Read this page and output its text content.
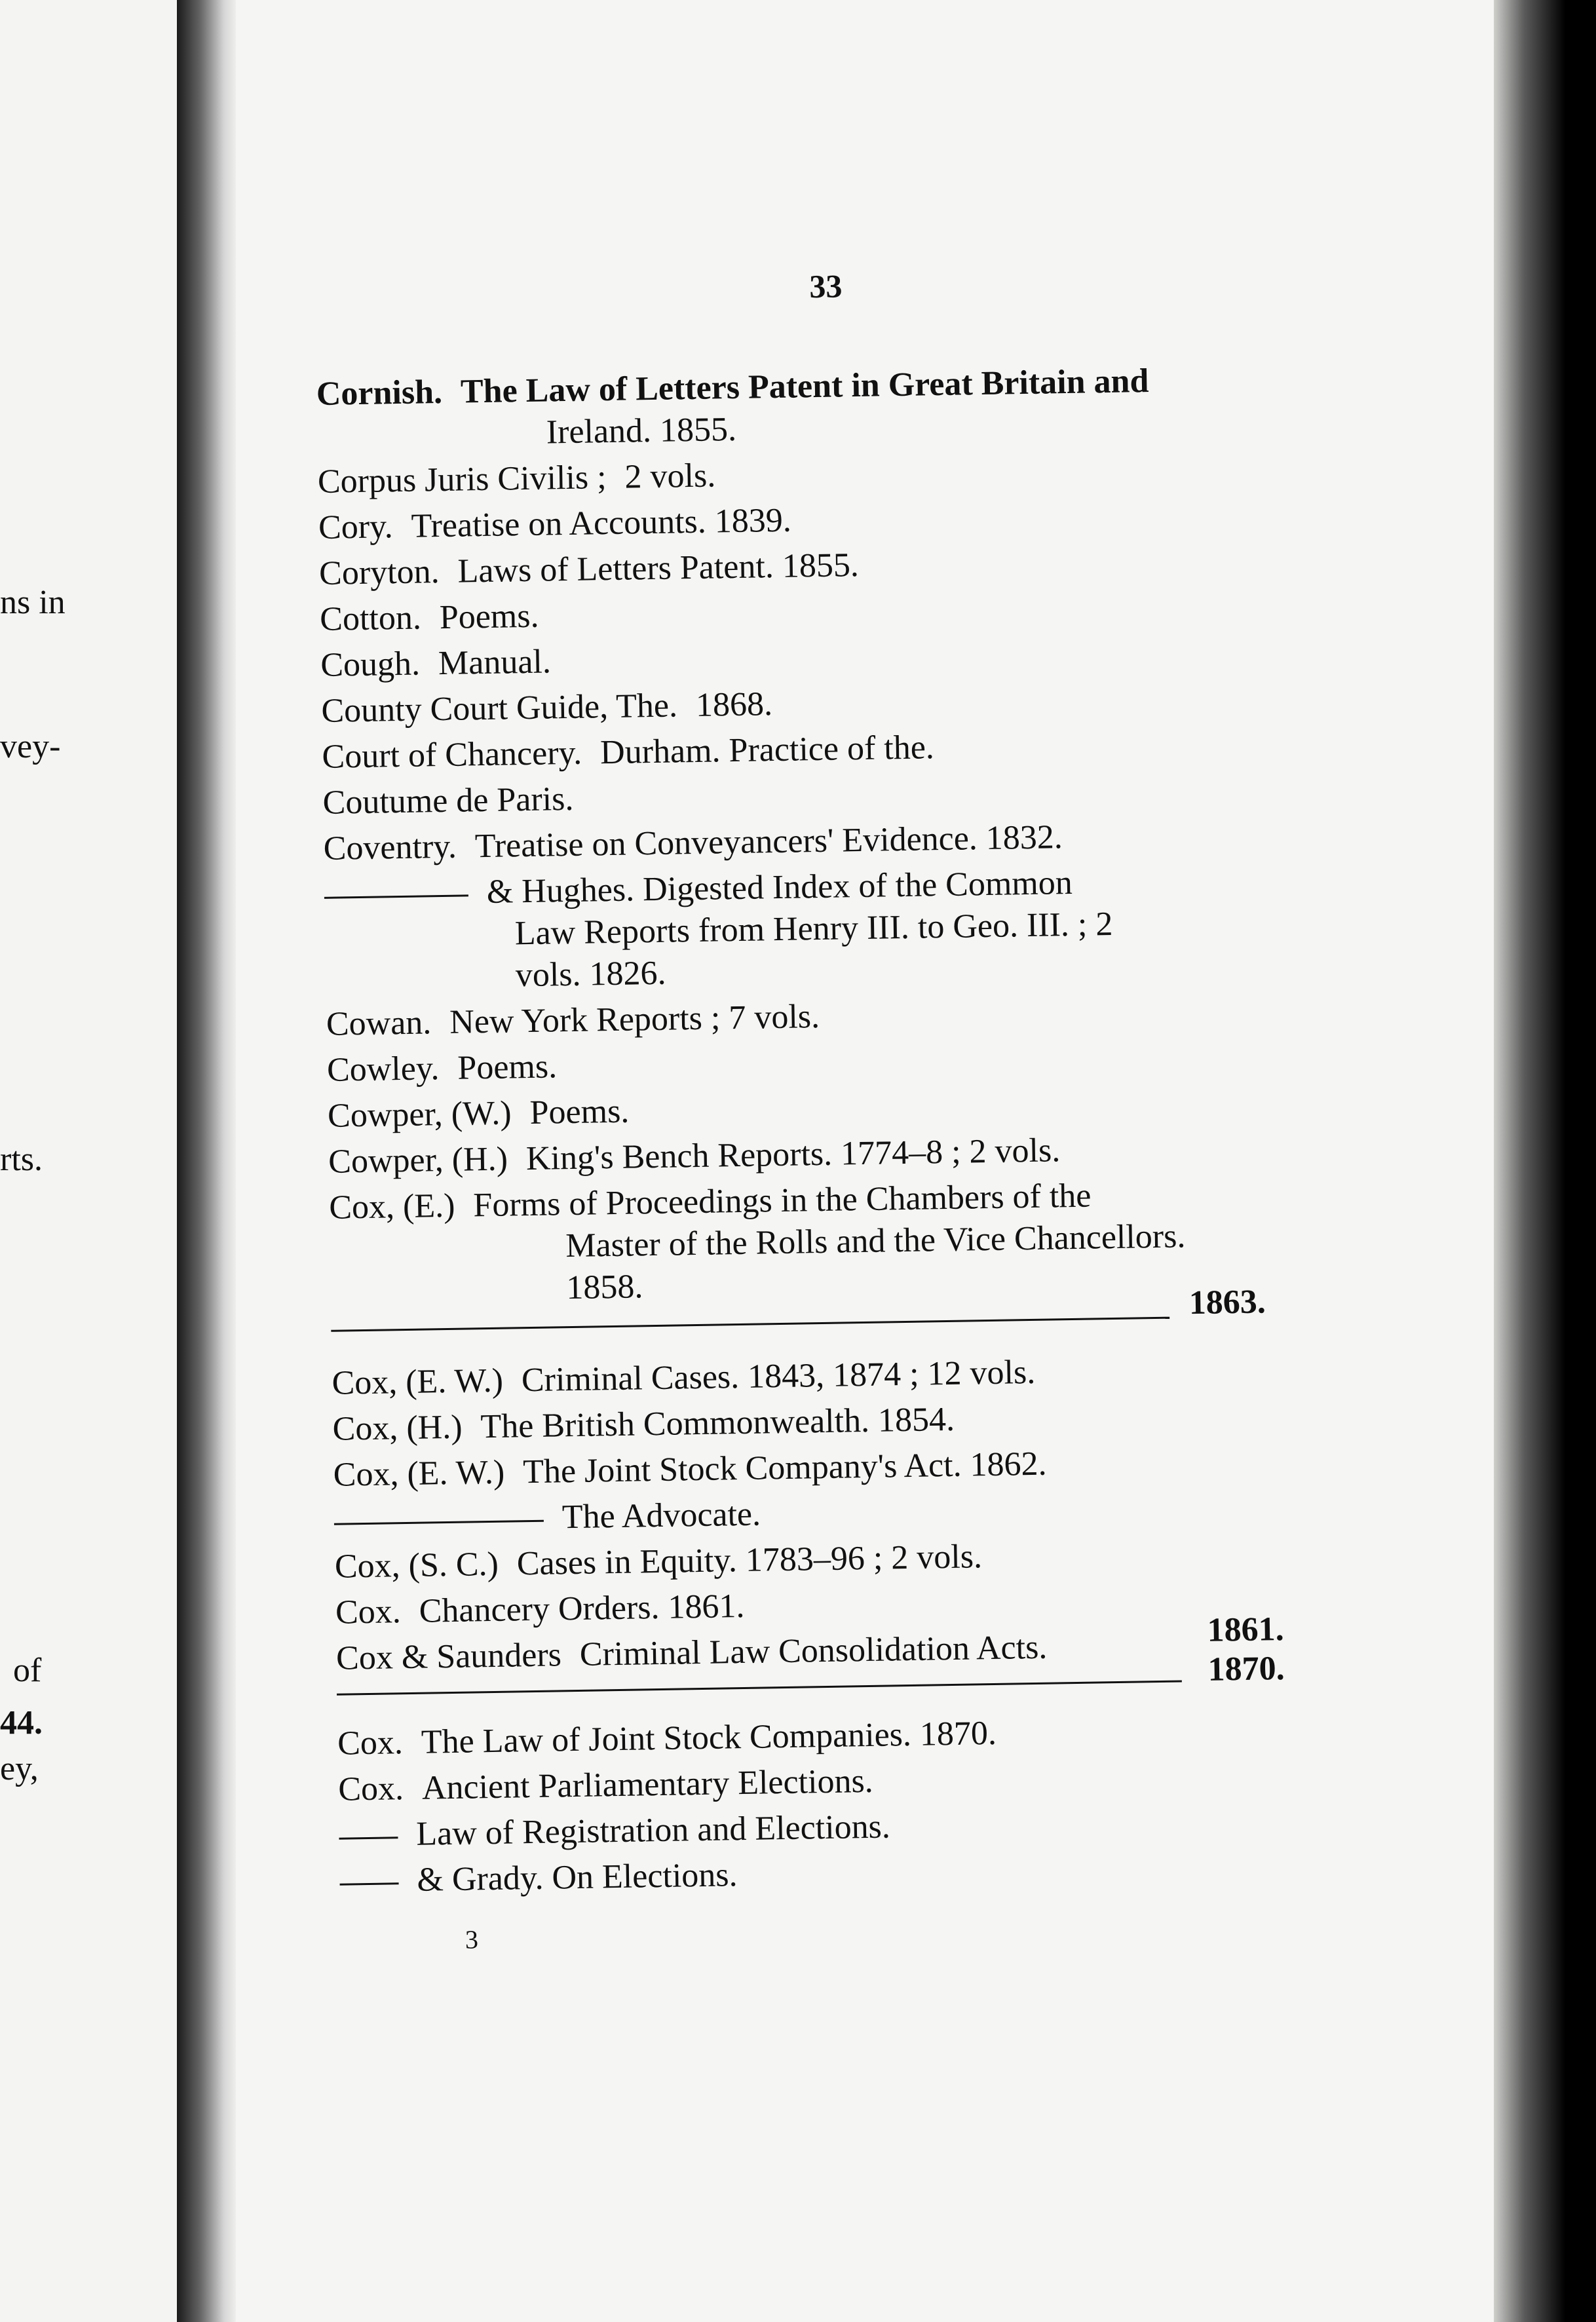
ns in
vey-
rts.
of
44.
ey,
33
Cornish. The Law of Letters Patent in Great Britain and
Ireland. 1855.
Corpus Juris Civilis ; 2 vols.
Cory. Treatise on Accounts. 1839.
Coryton. Laws of Letters Patent. 1855.
Cotton. Poems.
Cough. Manual.
County Court Guide, The. 1868.
Court of Chancery. Durham. Practice of the.
Coutume de Paris.
Coventry. Treatise on Conveyancers' Evidence. 1832.
& Hughes. Digested Index of the Common
Law Reports from Henry III. to Geo. III. ; 2
vols. 1826.
Cowan. New York Reports ; 7 vols.
Cowley. Poems.
Cowper, (W.) Poems.
Cowper, (H.) King's Bench Reports. 1774–8 ; 2 vols.
Cox, (E.) Forms of Proceedings in the Chambers of the
Master of the Rolls and the Vice Chancellors.
1858.	1863.
Cox, (E. W.) Criminal Cases. 1843, 1874 ; 12 vols.
Cox, (H.) The British Commonwealth. 1854.
Cox, (E. W.) The Joint Stock Company's Act. 1862.
The Advocate.
Cox, (S. C.) Cases in Equity. 1783–96 ; 2 vols.
Cox. Chancery Orders. 1861.
Cox & Saunders Criminal Law Consolidation Acts.	1861.
1870.
Cox. The Law of Joint Stock Companies. 1870.
Cox. Ancient Parliamentary Elections.
Law of Registration and Elections.
& Grady. On Elections.
3
